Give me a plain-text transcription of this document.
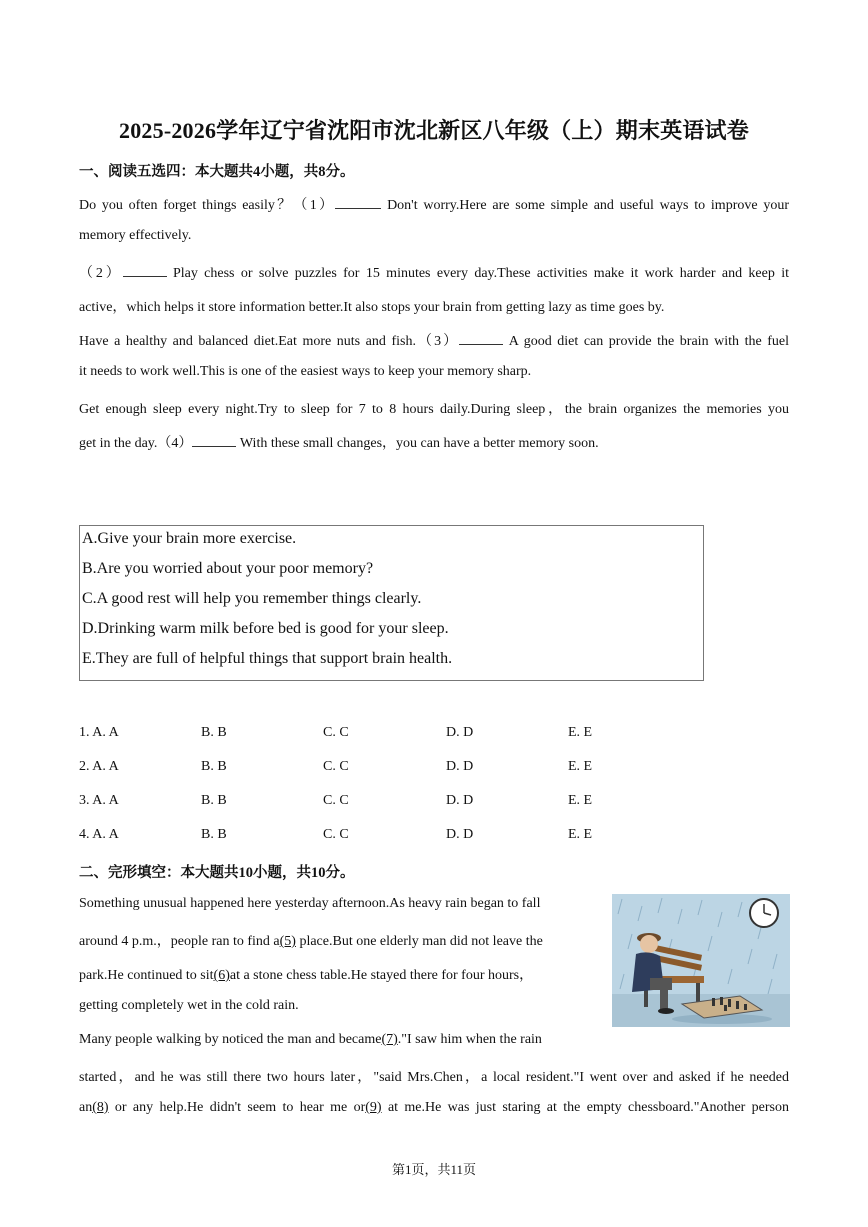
2025-2026学年辽宁省沈阳市沈北新区八年级（上）期末英语试卷
一、阅读五选四：本大题共4小题，共8分。
Do you often forget things easily？（1）	Don't worry.Here are some simple and useful ways to improve your
memory effectively.
（2）	Play chess or solve puzzles for 15 minutes every day.These activities make it work harder and keep it
active，which helps it store information better.It also stops your brain from getting lazy as time goes by.
Have a healthy and balanced diet.Eat more nuts and fish.（3）	A good diet can provide the brain with the fuel
it needs to work well.This is one of the easiest ways to keep your memory sharp.
Get enough sleep every night.Try to sleep for 7 to 8 hours daily.During sleep，the brain organizes the memories you
get in the day.（4）	With these small changes，you can have a better memory soon.
A.Give your brain more exercise.
B.Are you worried about your poor memory?
C.A good rest will help you remember things clearly.
D.Drinking warm milk before bed is good for your sleep.
E.They are full of helpful things that support brain health.
1. A. A	B. B	C. C	D. D	E. E
2. A. A	B. B	C. C	D. D	E. E
3. A. A	B. B	C. C	D. D	E. E
4. A. A	B. B	C. C	D. D	E. E
二、完形填空：本大题共10小题，共10分。
Something unusual happened here yesterday afternoon.As heavy rain began to fall
around 4 p.m.，people ran to find a(5) place.But one elderly man did not leave the
park.He continued to sit(6)at a stone chess table.He stayed there for four hours，
getting completely wet in the cold rain.
Many people walking by noticed the man and became(7)."I saw him when the rain
started，and he was still there two hours later，"said Mrs.Chen，a local resident."I went over and asked if he needed
an(8) or any help.He didn't seem to hear me or(9) at me.He was just staring at the empty chessboard."Another person
第1页，共11页
